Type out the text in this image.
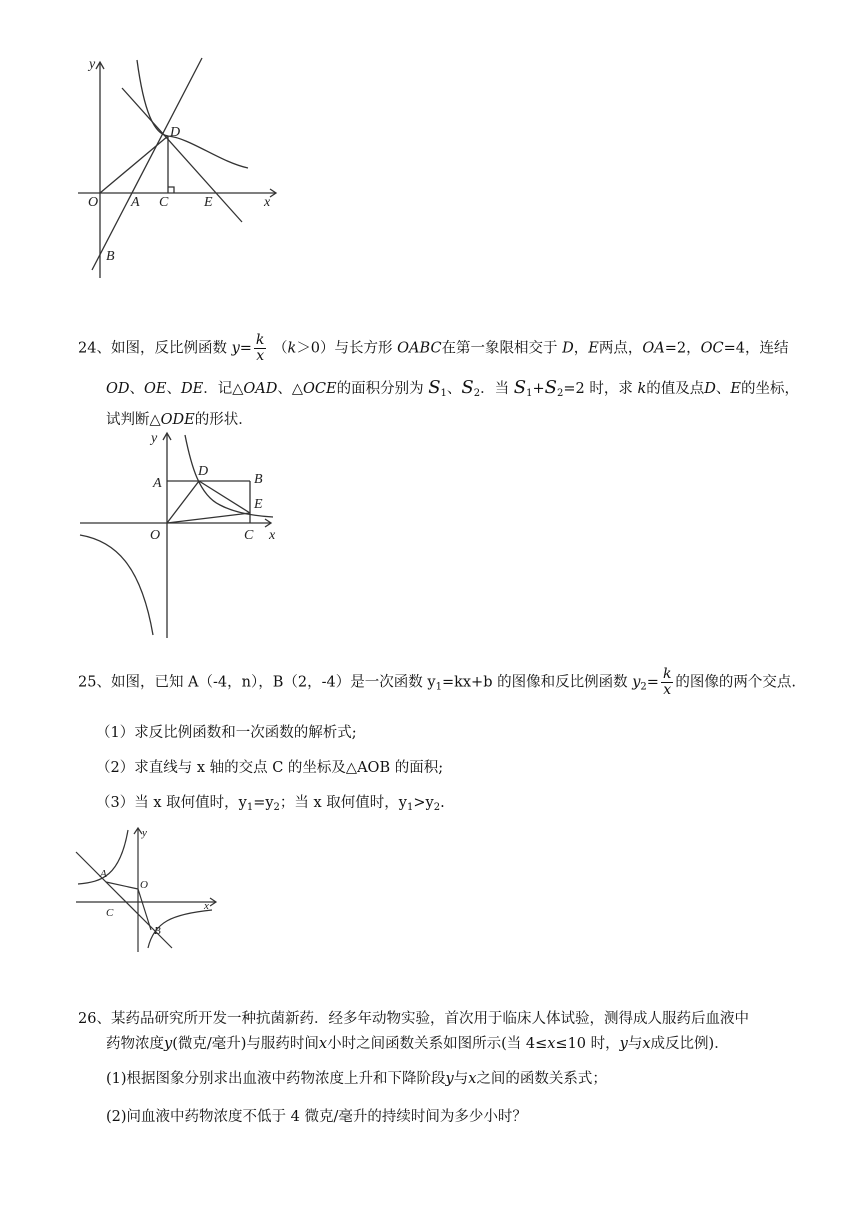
y
x
O A C	E
D
B
24、如图，反比例函数 $y= \frac{k}{x} (k>0)$与长方形 OABC在第一象限相交于 D，E两点，OA=2，OC=4，连结
OD、OE、DE．记△OAD、△OCE的面积分别为 $S_1$、$S_2$．当 $S_1+S_2=2$ 时，求 k的值及点D、E的坐标，
试判断△ODE的形状．
y
A
D
B
E
O	C x
25、如图，已知 A（-4，n），B（2，-4）是一次函数 $y_1=kx+b$ 的图像和反比例函数 $y_2= \frac{k}{x}$ 的图像的两个交点.
（1）求反比例函数和一次函数的解析式;
（2）求直线与 x 轴的交点 C 的坐标及△AOB 的面积;
（3）当 x 取何值时，$y_1=y_2$；当 x 取何值时，$y_1>y_2$.
y
A
O
C
x
B
26、某药品研究所开发一种抗菌新药．经多年动物实验，首次用于临床人体试验，测得成人服药后血液中
药物浓度y(微克/毫升)与服药时间x小时之间函数关系如图所示(当 4≤x≤10 时，y与x成反比例)．
(1)根据图象分别求出血液中药物浓度上升和下降阶段y与x之间的函数关系式；
(2)问血液中药物浓度不低于 4 微克/毫升的持续时间为多少小时？
